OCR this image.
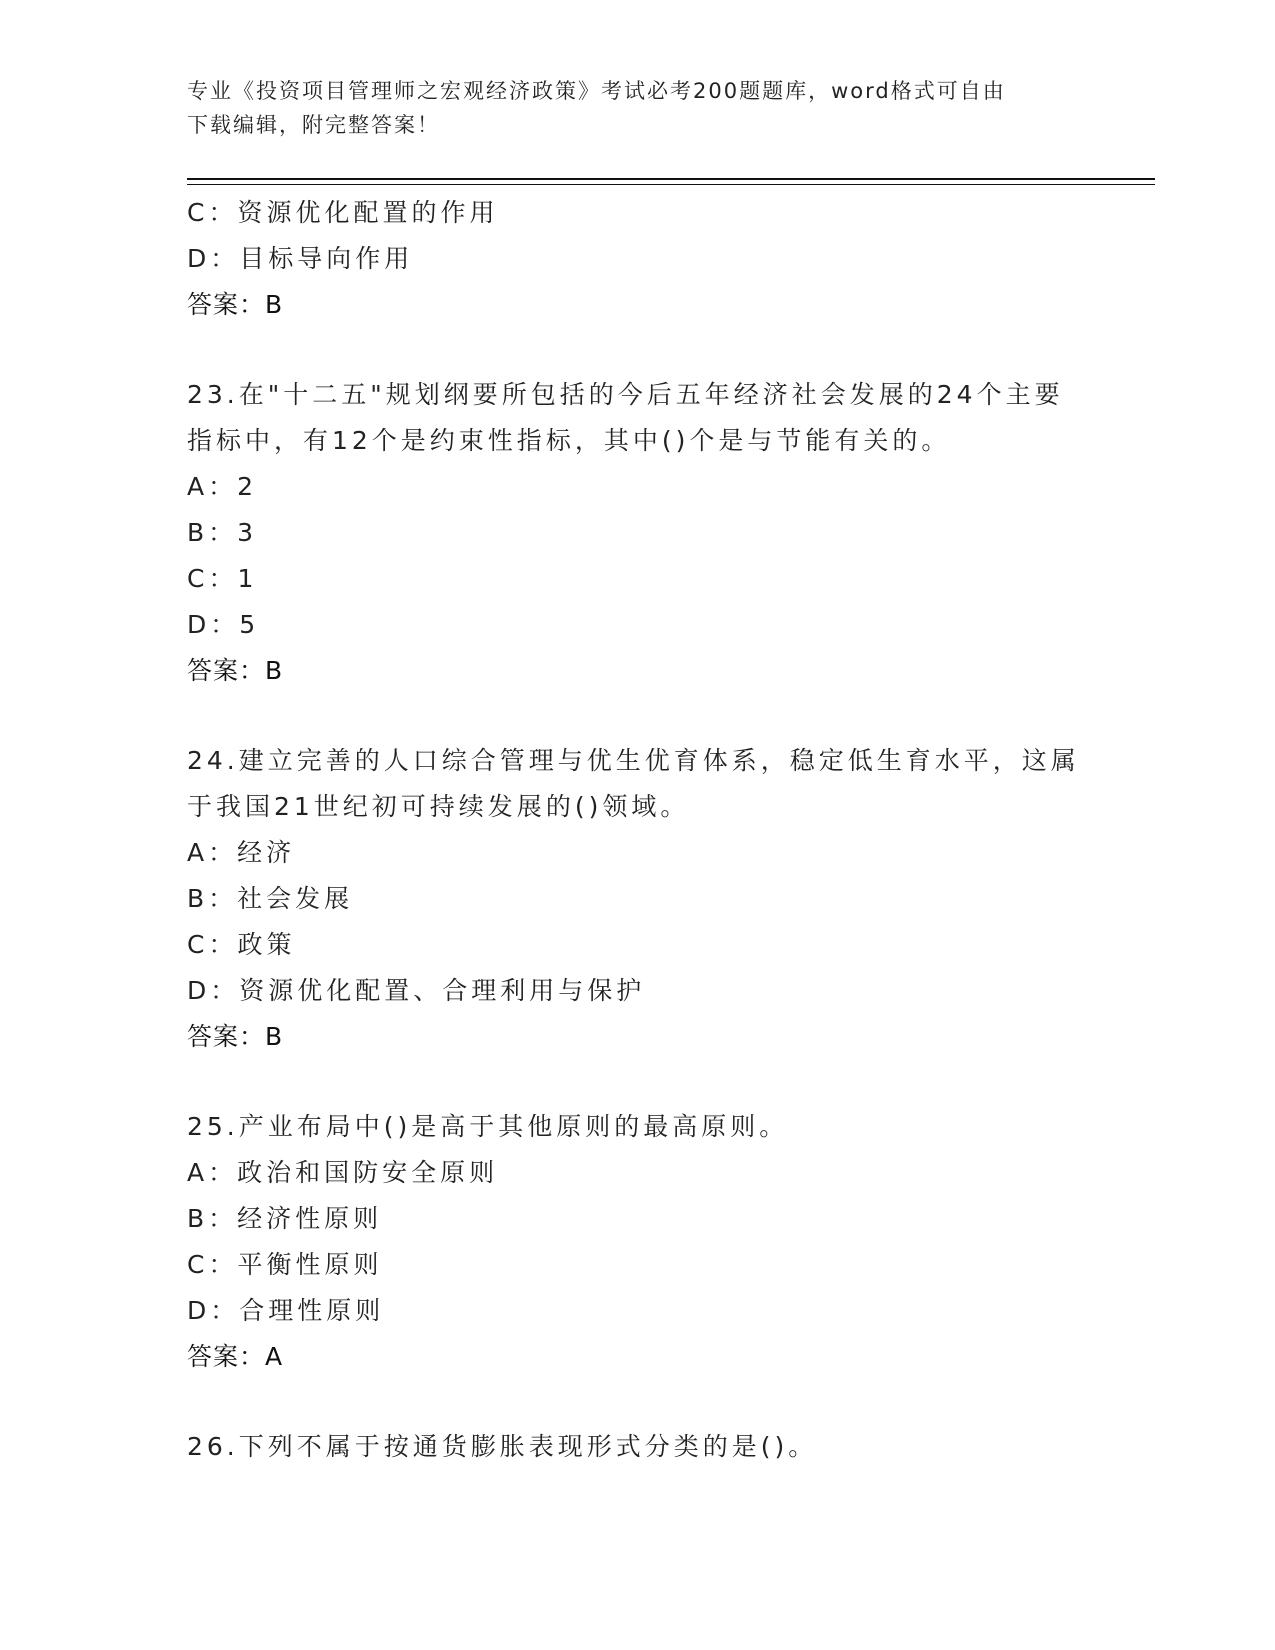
专业《投资项目管理师之宏观经济政策》考试必考200题题库，word格式可自由
下载编辑，附完整答案！
C：资源优化配置的作用
D：目标导向作用
答案：B
23.在"十二五"规划纲要所包括的今后五年经济社会发展的24个主要
指标中，有12个是约束性指标，其中()个是与节能有关的。
A：2
B：3
C：1
D：5
答案：B
24.建立完善的人口综合管理与优生优育体系，稳定低生育水平，这属
于我国21世纪初可持续发展的()领域。
A：经济
B：社会发展
C：政策
D：资源优化配置、合理利用与保护
答案：B
25.产业布局中()是高于其他原则的最高原则。
A：政治和国防安全原则
B：经济性原则
C：平衡性原则
D：合理性原则
答案：A
26.下列不属于按通货膨胀表现形式分类的是()。
